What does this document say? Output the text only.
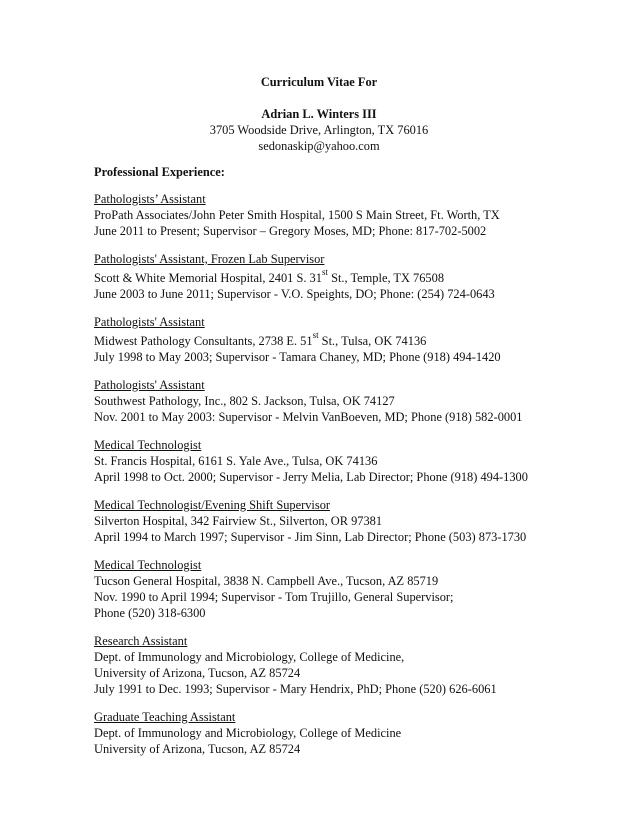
Curriculum Vitae For
Adrian L. Winters III
3705 Woodside Drive, Arlington, TX 76016
sedonaskip@yahoo.com
Professional Experience:
Pathologists’ Assistant
ProPath Associates/John Peter Smith Hospital, 1500 S Main Street, Ft. Worth, TX
June 2011 to Present; Supervisor – Gregory Moses, MD; Phone: 817-702-5002
Pathologists' Assistant, Frozen Lab Supervisor
Scott & White Memorial Hospital, 2401 S. 31st St., Temple, TX 76508
June 2003 to June 2011; Supervisor - V.O. Speights, DO; Phone: (254) 724-0643
Pathologists' Assistant
Midwest Pathology Consultants, 2738 E. 51st St., Tulsa, OK 74136
July 1998 to May 2003; Supervisor - Tamara Chaney, MD; Phone (918) 494-1420
Pathologists' Assistant
Southwest Pathology, Inc., 802 S. Jackson, Tulsa, OK 74127
Nov. 2001 to May 2003: Supervisor - Melvin VanBoeven, MD; Phone (918) 582-0001
Medical Technologist
St. Francis Hospital, 6161 S. Yale Ave., Tulsa, OK 74136
April 1998 to Oct. 2000; Supervisor - Jerry Melia, Lab Director; Phone (918) 494-1300
Medical Technologist/Evening Shift Supervisor
Silverton Hospital, 342 Fairview St., Silverton, OR 97381
April 1994 to March 1997; Supervisor - Jim Sinn, Lab Director; Phone (503) 873-1730
Medical Technologist
Tucson General Hospital, 3838 N. Campbell Ave., Tucson, AZ 85719
Nov. 1990 to April 1994; Supervisor - Tom Trujillo, General Supervisor;
Phone (520) 318-6300
Research Assistant
Dept. of Immunology and Microbiology, College of Medicine,
University of Arizona, Tucson, AZ 85724
July 1991 to Dec. 1993; Supervisor - Mary Hendrix, PhD; Phone (520) 626-6061
Graduate Teaching Assistant
Dept. of Immunology and Microbiology, College of Medicine
University of Arizona, Tucson, AZ 85724
